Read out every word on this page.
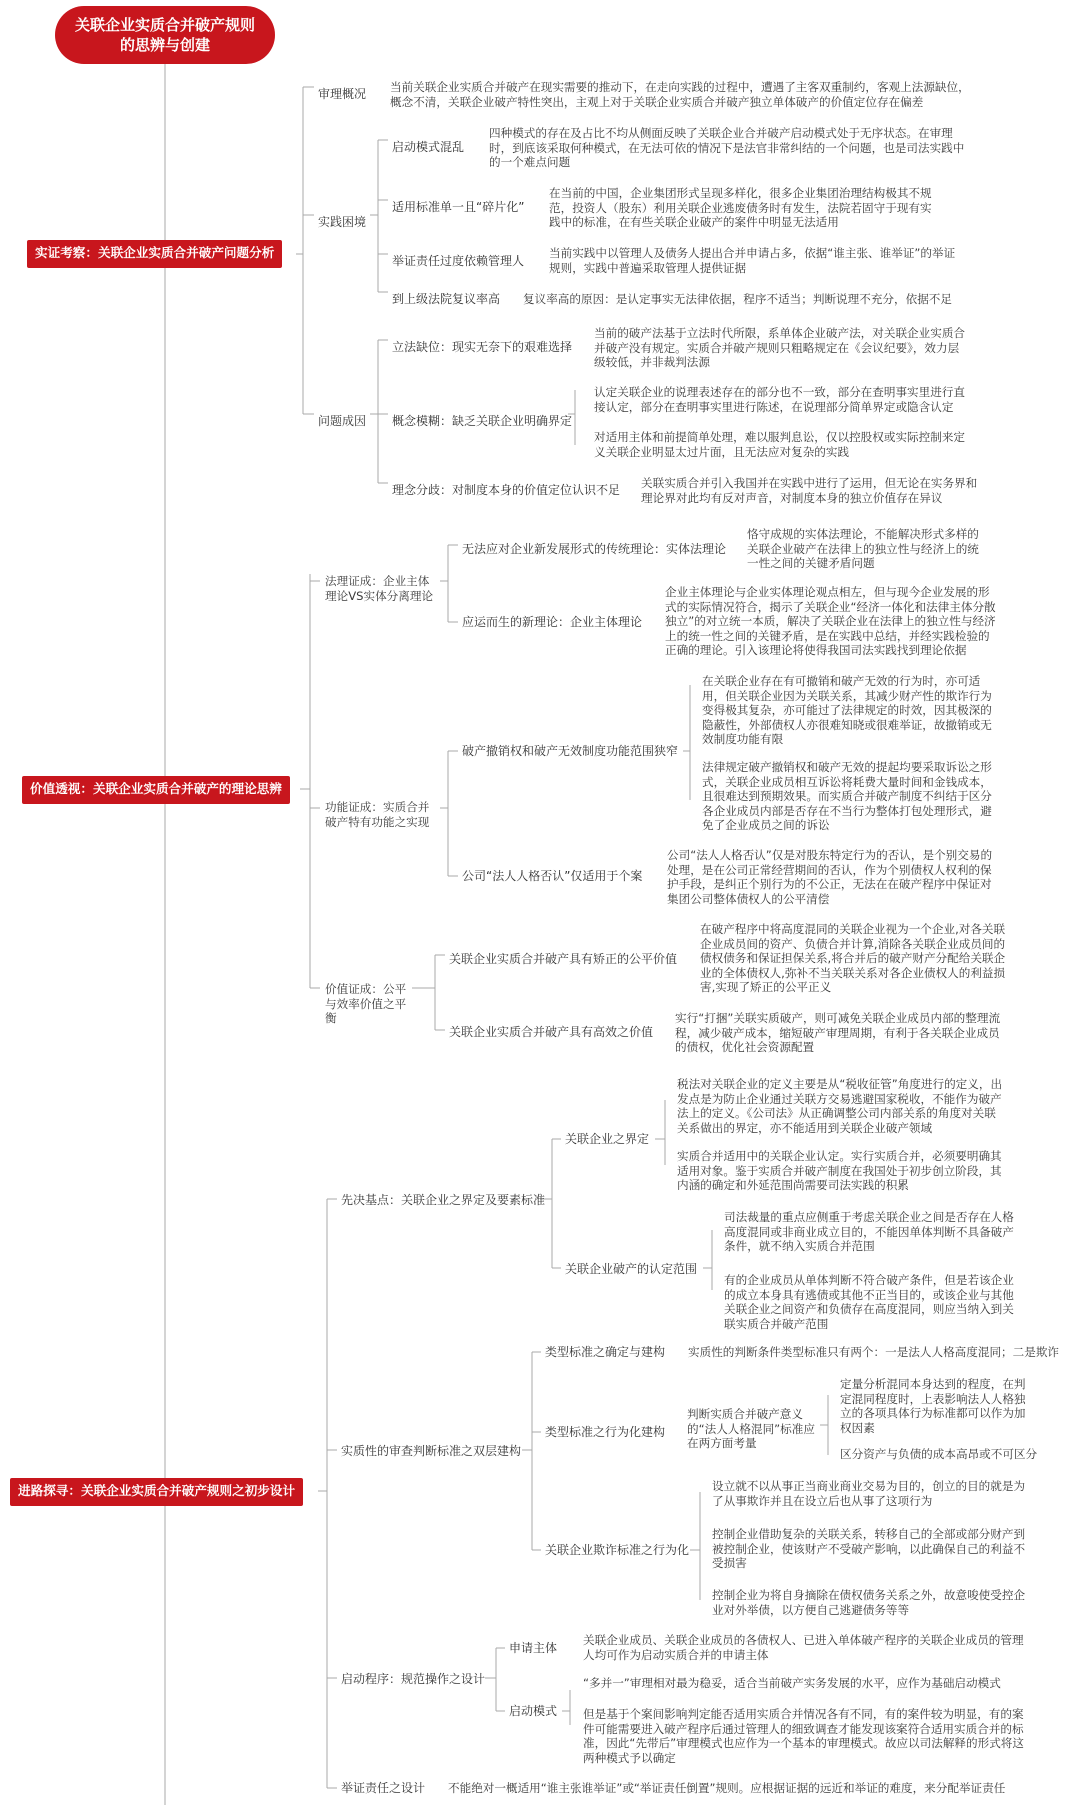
关联企业实质合并破产规则的思辨与创建
实证考察：关联企业实质合并破产问题分析
审理概况 当前关联企业实质合并破产在现实需要的推动下，在走向实践的过程中，遭遇了主客双重制约，客观上法源缺位，概念不清，关联企业破产特性突出，主观上对于关联企业实质合并破产独立单体破产的价值定位存在偏差
实践困境
启动模式混乱
四种模式的存在及占比不均从侧面反映了关联企业合并破产启动模式处于无序状态。在审理时，到底该采取何种模式，在无法可依的情况下是法官非常纠结的一个问题，也是司法实践中的一个难点问题
适用标准单一且“碎片化”
在当前的中国，企业集团形式呈现多样化，很多企业集团治理结构极其不规范，投资人（股东）利用关联企业逃废债务时有发生，法院若固守于现有实践中的标准，在有些关联企业破产的案件中明显无法适用
举证责任过度依赖管理人
当前实践中以管理人及债务人提出合并申请占多，依据“谁主张、谁举证”的举证规则，实践中普遍采取管理人提供证据
到上级法院复议率高 复议率高的原因：是认定事实无法律依据，程序不适当；判断说理不充分，依据不足
问题成因
立法缺位：现实无奈下的艰难选择
当前的破产法基于立法时代所限，系单体企业破产法，对关联企业实质合并破产没有规定。实质合并破产规则只粗略规定在《会议纪要》，效力层级较低，并非裁判法源
概念模糊：缺乏关联企业明确界定
认定关联企业的说理表述存在的部分也不一致，部分在查明事实里进行直接认定，部分在查明事实里进行陈述，在说理部分简单界定或隐含认定
对适用主体和前提简单处理，难以服判息讼，仅以控股权或实际控制来定义关联企业明显太过片面，且无法应对复杂的实践
理念分歧：对制度本身的价值定位认识不足 关联实质合并引入我国并在实践中进行了运用，但无论在实务界和理论界对此均有反对声音，对制度本身的独立价值存在异议
价值透视：关联企业实质合并破产的理论思辨
法理证成：企业主体理论VS实体分离理论
无法应对企业新发展形式的传统理论：实体法理论
恪守成规的实体法理论，不能解决形式多样的关联企业破产在法律上的独立性与经济上的统一性之间的关键矛盾问题
应运而生的新理论：企业主体理论
企业主体理论与企业实体理论观点相左，但与现今企业发展的形式的实际情况符合，揭示了关联企业“经济一体化和法律主体分散独立”的对立统一本质，解决了关联企业在法律上的独立性与经济上的统一性之间的关键矛盾，是在实践中总结，并经实践检验的正确的理论。引入该理论将使得我国司法实践找到理论依据
功能证成：实质合并破产特有功能之实现
破产撤销权和破产无效制度功能范围狭窄
在关联企业存在有可撤销和破产无效的行为时，亦可适用，但关联企业因为关联关系，其减少财产性的欺诈行为变得极其复杂，亦可能过了法律规定的时效，因其极深的隐蔽性，外部债权人亦很难知晓或很难举证，故撤销或无效制度功能有限
法律规定破产撤销权和破产无效的提起均要采取诉讼之形式，关联企业成员相互诉讼将耗费大量时间和金钱成本，且很难达到预期效果。而实质合并破产制度不纠结于区分各企业成员内部是否存在不当行为整体打包处理形式，避免了企业成员之间的诉讼
公司“法人人格否认”仅适用于个案
公司“法人人格否认”仅是对股东特定行为的否认，是个别交易的处理，是在公司正常经营期间的否认，作为个别债权人权利的保护手段，是纠正个别行为的不公正，无法在在破产程序中保证对集团公司整体债权人的公平清偿
价值证成：公平与效率价值之平衡
关联企业实质合并破产具有矫正的公平价值
在破产程序中将高度混同的关联企业视为一个企业,对各关联企业成员间的资产、负债合并计算,消除各关联企业成员间的债权债务和保证担保关系,将合并后的破产财产分配给关联企业的全体债权人,弥补不当关联关系对各企业债权人的利益损害,实现了矫正的公平正义
关联企业实质合并破产具有高效之价值
实行“打捆”关联实质破产，则可减免关联企业成员内部的整理流程，减少破产成本，缩短破产审理周期，有利于各关联企业成员的债权，优化社会资源配置
进路探寻：关联企业实质合并破产规则之初步设计
先决基点：关联企业之界定及要素标准
关联企业之界定
税法对关联企业的定义主要是从“税收征管”角度进行的定义，出发点是为防止企业通过关联方交易逃避国家税收，不能作为破产法上的定义。《公司法》从正确调整公司内部关系的角度对关联关系做出的界定，亦不能适用到关联企业破产领域
实质合并适用中的关联企业认定。实行实质合并，必须要明确其适用对象。鉴于实质合并破产制度在我国处于初步创立阶段，其内涵的确定和外延范围尚需要司法实践的积累
关联企业破产的认定范围
司法裁量的重点应侧重于考虑关联企业之间是否存在人格高度混同或非商业成立目的，不能因单体判断不具备破产条件，就不纳入实质合并范围
有的企业成员从单体判断不符合破产条件，但是若该企业的成立本身具有逃债或其他不正当目的，或该企业与其他关联企业之间资产和负债存在高度混同，则应当纳入到关联实质合并破产范围
实质性的审查判断标准之双层建构
类型标准之确定与建构 实质性的判断条件类型标准只有两个：一是法人人格高度混同；二是欺诈
类型标准之行为化建构
判断实质合并破产意义的“法人人格混同”标准应在两方面考量
定量分析混同本身达到的程度，在判定混同程度时，上表影响法人人格独立的各项具体行为标准都可以作为加权因素
区分资产与负债的成本高昂或不可区分
关联企业欺诈标准之行为化
设立就不以从事正当商业商业交易为目的，创立的目的就是为了从事欺诈并且在设立后也从事了这项行为
控制企业借助复杂的关联关系，转移自己的全部或部分财产到被控制企业，使该财产不受破产影响，以此确保自己的利益不受损害
控制企业为将自身摘除在债权债务关系之外，故意唆使受控企业对外举债，以方便自己逃避债务等等
启动程序：规范操作之设计
申请主体
关联企业成员、关联企业成员的各债权人、已进入单体破产程序的关联企业成员的管理人均可作为启动实质合并的申请主体
启动模式
“多并一”审理相对最为稳妥，适合当前破产实务发展的水平，应作为基础启动模式
但是基于个案间影响判定能否适用实质合并情况各有不同，有的案件较为明显，有的案件可能需要进入破产程序后通过管理人的细致调查才能发现该案符合适用实质合并的标准，因此“先带后”审理模式也应作为一个基本的审理模式。故应以司法解释的形式将这两种模式予以确定
举证责任之设计 不能绝对一概适用“谁主张谁举证”或“举证责任倒置”规则。应根据证据的远近和举证的难度，来分配举证责任
